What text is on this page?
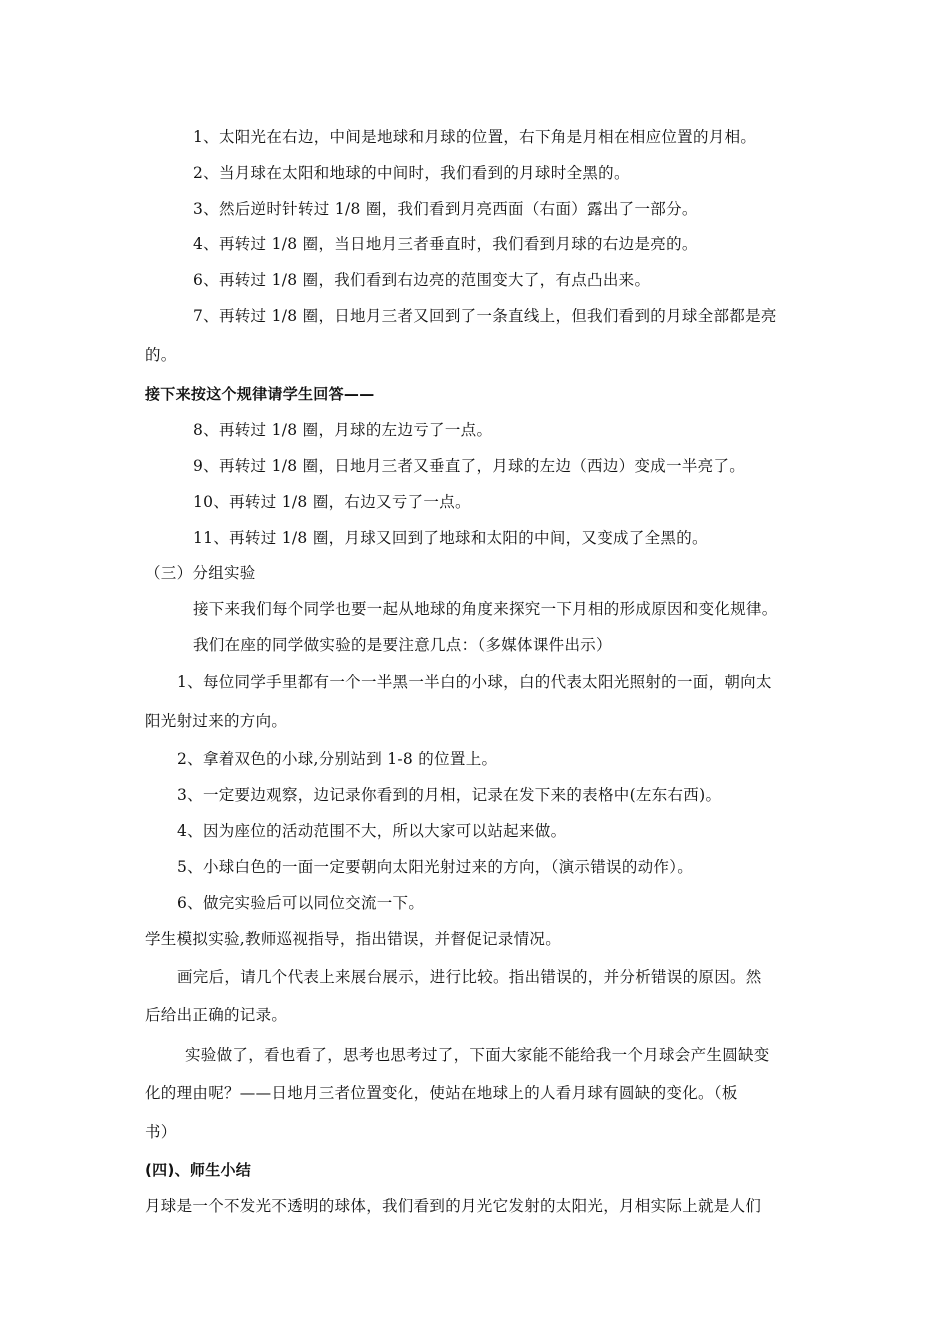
1、太阳光在右边，中间是地球和月球的位置，右下角是月相在相应位置的月相。
2、当月球在太阳和地球的中间时，我们看到的月球时全黑的。
3、然后逆时针转过 1/8 圈，我们看到月亮西面（右面）露出了一部分。
4、再转过 1/8 圈，当日地月三者垂直时，我们看到月球的右边是亮的。
6、再转过 1/8 圈，我们看到右边亮的范围变大了，有点凸出来。
7、再转过 1/8 圈，日地月三者又回到了一条直线上，但我们看到的月球全部都是亮
的。
接下来按这个规律请学生回答——
8、再转过 1/8 圈，月球的左边亏了一点。
9、再转过 1/8 圈，日地月三者又垂直了，月球的左边（西边）变成一半亮了。
10、再转过 1/8 圈，右边又亏了一点。
11、再转过 1/8 圈，月球又回到了地球和太阳的中间，又变成了全黑的。
（三）分组实验
接下来我们每个同学也要一起从地球的角度来探究一下月相的形成原因和变化规律。
我们在座的同学做实验的是要注意几点：（多媒体课件出示）
1、每位同学手里都有一个一半黑一半白的小球，白的代表太阳光照射的一面，朝向太
阳光射过来的方向。
2、拿着双色的小球,分别站到 1-8 的位置上。
3、一定要边观察，边记录你看到的月相，记录在发下来的表格中(左东右西)。
4、因为座位的活动范围不大，所以大家可以站起来做。
5、小球白色的一面一定要朝向太阳光射过来的方向，（演示错误的动作）。
6、做完实验后可以同位交流一下。
学生模拟实验,教师巡视指导，指出错误，并督促记录情况。
画完后，请几个代表上来展台展示，进行比较。指出错误的，并分析错误的原因。然
后给出正确的记录。
实验做了，看也看了，思考也思考过了，下面大家能不能给我一个月球会产生圆缺变
化的理由呢？——日地月三者位置变化，使站在地球上的人看月球有圆缺的变化。（板
书）
(四)、师生小结
月球是一个不发光不透明的球体，我们看到的月光它发射的太阳光，月相实际上就是人们
